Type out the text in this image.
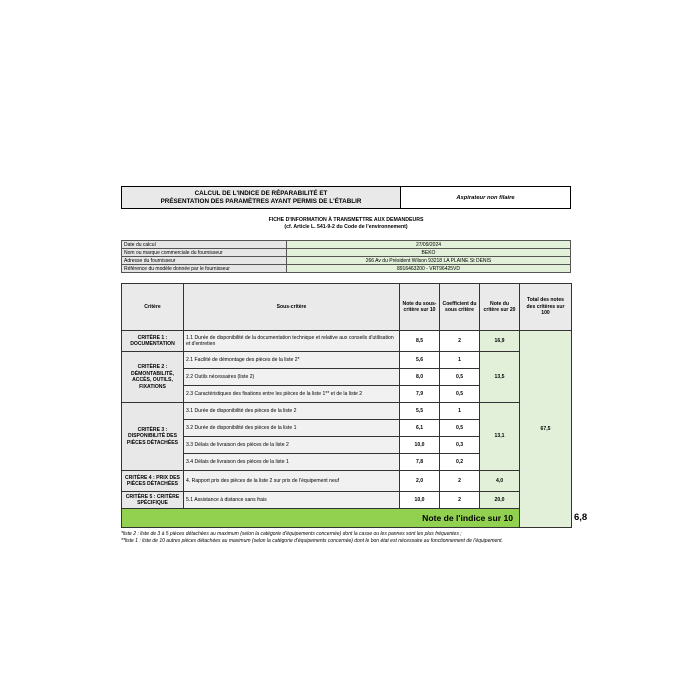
CALCUL DE L'INDICE DE RÉPARABILITÉ ET
PRÉSENTATION DES PARAMÈTRES AYANT PERMIS DE L'ÉTABLIR	Aspirateur non filaire
FICHE D'INFORMATION À TRANSMETTRE AUX DEMANDEURS
(cf. Article L. 541-9-2 du Code de l'environnement)
Date du calcul	27/09/2024
Nom ou marque commerciale du fournisseur	BEKO
Adresse du fournisseur	266 Av du Président Wilson 93218 LA PLAINE St DENIS
Référence du modèle donnée par le fournisseur	8916463200 - VRT96425VD
Critère	Sous-critère	Note du sous-critère sur 10	Coefficient du sous critère	Note du critère sur 20	Total des notes des critères sur 100	
CRITÈRE 1 : DOCUMENTATION	1.1 Durée de disponibilité de la documentation technique et relative aux conseils d'utilisation et d'entretien	8,5	2	16,9	67,5	
CRITÈRE 2 : DÉMONTABILITÉ, ACCÈS, OUTILS, FIXATIONS	2.1 Facilité de démontage des pièces de la liste 2*	5,6	1	13,5		
	2.2 Outils nécessaires (liste 2)	8,0	0,5			
	2.3 Caractéristiques des fixations entre les pièces de la liste 1** et de la liste 2	7,9	0,5			
CRITÈRE 3 : DISPONIBILITÉ DES PIÈCES DÉTACHÉES	3.1 Durée de disponibilité des pièces de la liste 2	5,5	1	13,1		
	3.2 Durée de disponibilité des pièces de la liste 1	6,1	0,5			
	3.3 Délais de livraison des pièces de la liste 2	10,0	0,3			
	3.4 Délais de livraison des pièces de la liste 1	7,8	0,2			
CRITÈRE 4 : PRIX DES PIÈCES DÉTACHÉES	4. Rapport prix des pièces de la liste 2 sur prix de l'équipement neuf	2,0	2	4,0		
CRITÈRE 5 : CRITÈRE SPÉCIFIQUE	5.1 Assistance à distance sans frais	10,0	2	20,0		
Note de l'indice sur 10						6,8
*liste 2 : liste de 3 à 5 pièces détachées au maximum (selon la catégorie d'équipements concernée) dont la casse ou les pannes sont les plus fréquentes ;
**liste 1 : liste de 10 autres pièces détachées au maximum (selon la catégorie d'équipements concernée) dont le bon état est nécessaire au fonctionnement de l'équipement.
